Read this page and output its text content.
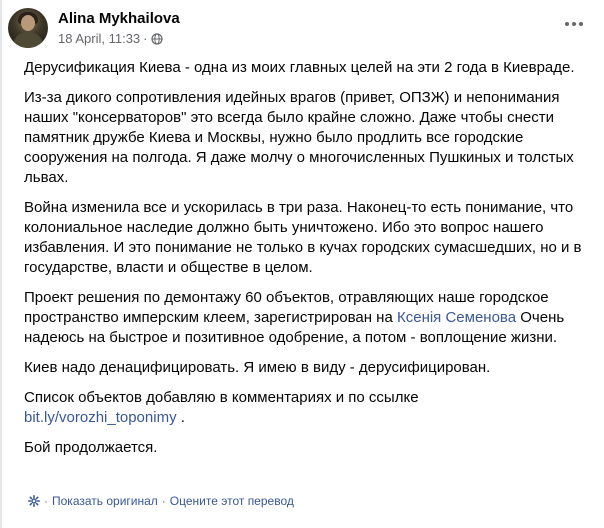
Alina Mykhailova
18 April, 11:33 ·

Дерусификация Киева - одна из моих главных целей на эти 2 года в Киевраде.

Из-за дикого сопротивления идейных врагов (привет, ОПЗЖ) и непонимания наших "консерваторов" это всегда было крайне сложно. Даже чтобы снести памятник дружбе Киева и Москвы, нужно было продлить все городские сооружения на полгода. Я даже молчу о многочисленных Пушкиных и толстых львах.

Война изменила все и ускорилась в три раза. Наконец-то есть понимание, что колониальное наследие должно быть уничтожено. Ибо это вопрос нашего избавления. И это понимание не только в кучах городских сумасшедших, но и в государстве, власти и обществе в целом.

Проект решения по демонтажу 60 объектов, отравляющих наше городское пространство имперским клеем, зарегистрирован на Ксенія Семенова Очень надеюсь на быстрое и позитивное одобрение, а потом - воплощение жизни.

Киев надо денацифицировать. Я имею в виду - дерусифицирован.

Список объектов добавляю в комментариях и по ссылке
bit.ly/vorozhi_toponimy .

Бой продолжается.

· Показать оригинал · Оцените этот перевод
